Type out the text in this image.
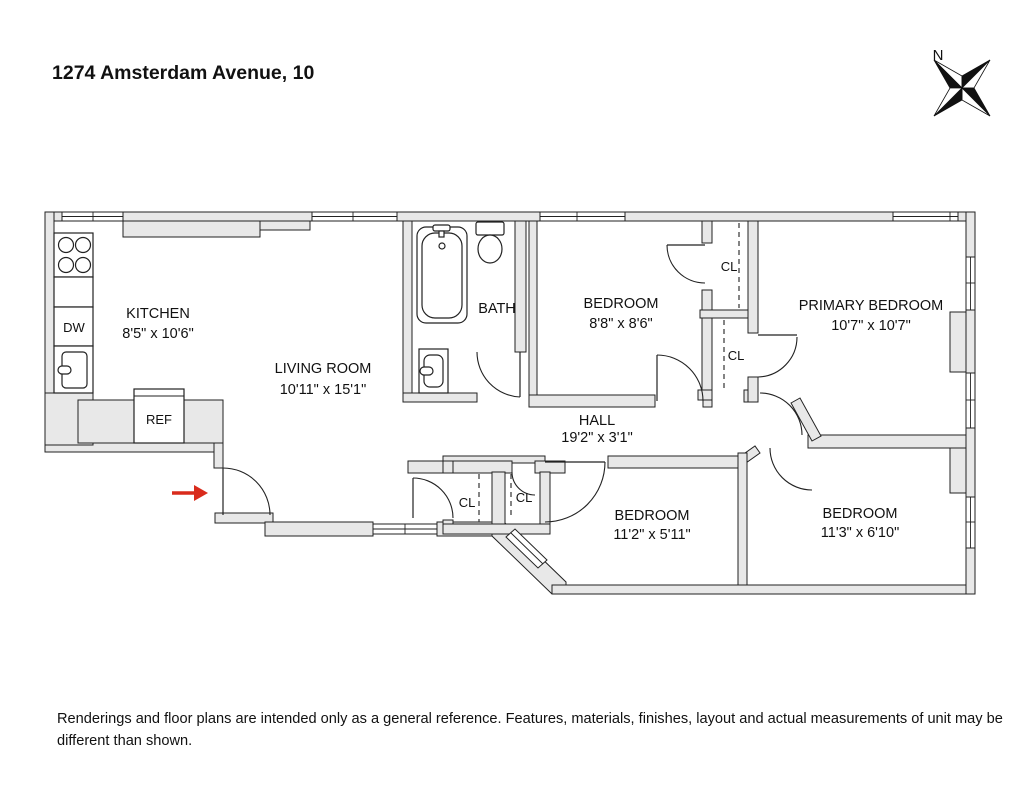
1274 Amsterdam Avenue, 10
KITCHEN
8'5" x 10'6"
LIVING ROOM
10'11" x 15'1"
BATH	BEDROOM
8'8" x 8'6"
PRIMARY BEDROOM
10'7" x 10'7"
HALL
19'2" x 3'1"
BEDROOM
11'2" x 5'11"
BEDROOM
11'3" x 6'10"
CL
CL
CL	CL
DW
REF
N
Renderings and floor plans are intended only as a general reference. Features, materials, finishes, layout and actual measurements of unit may be different than shown.
